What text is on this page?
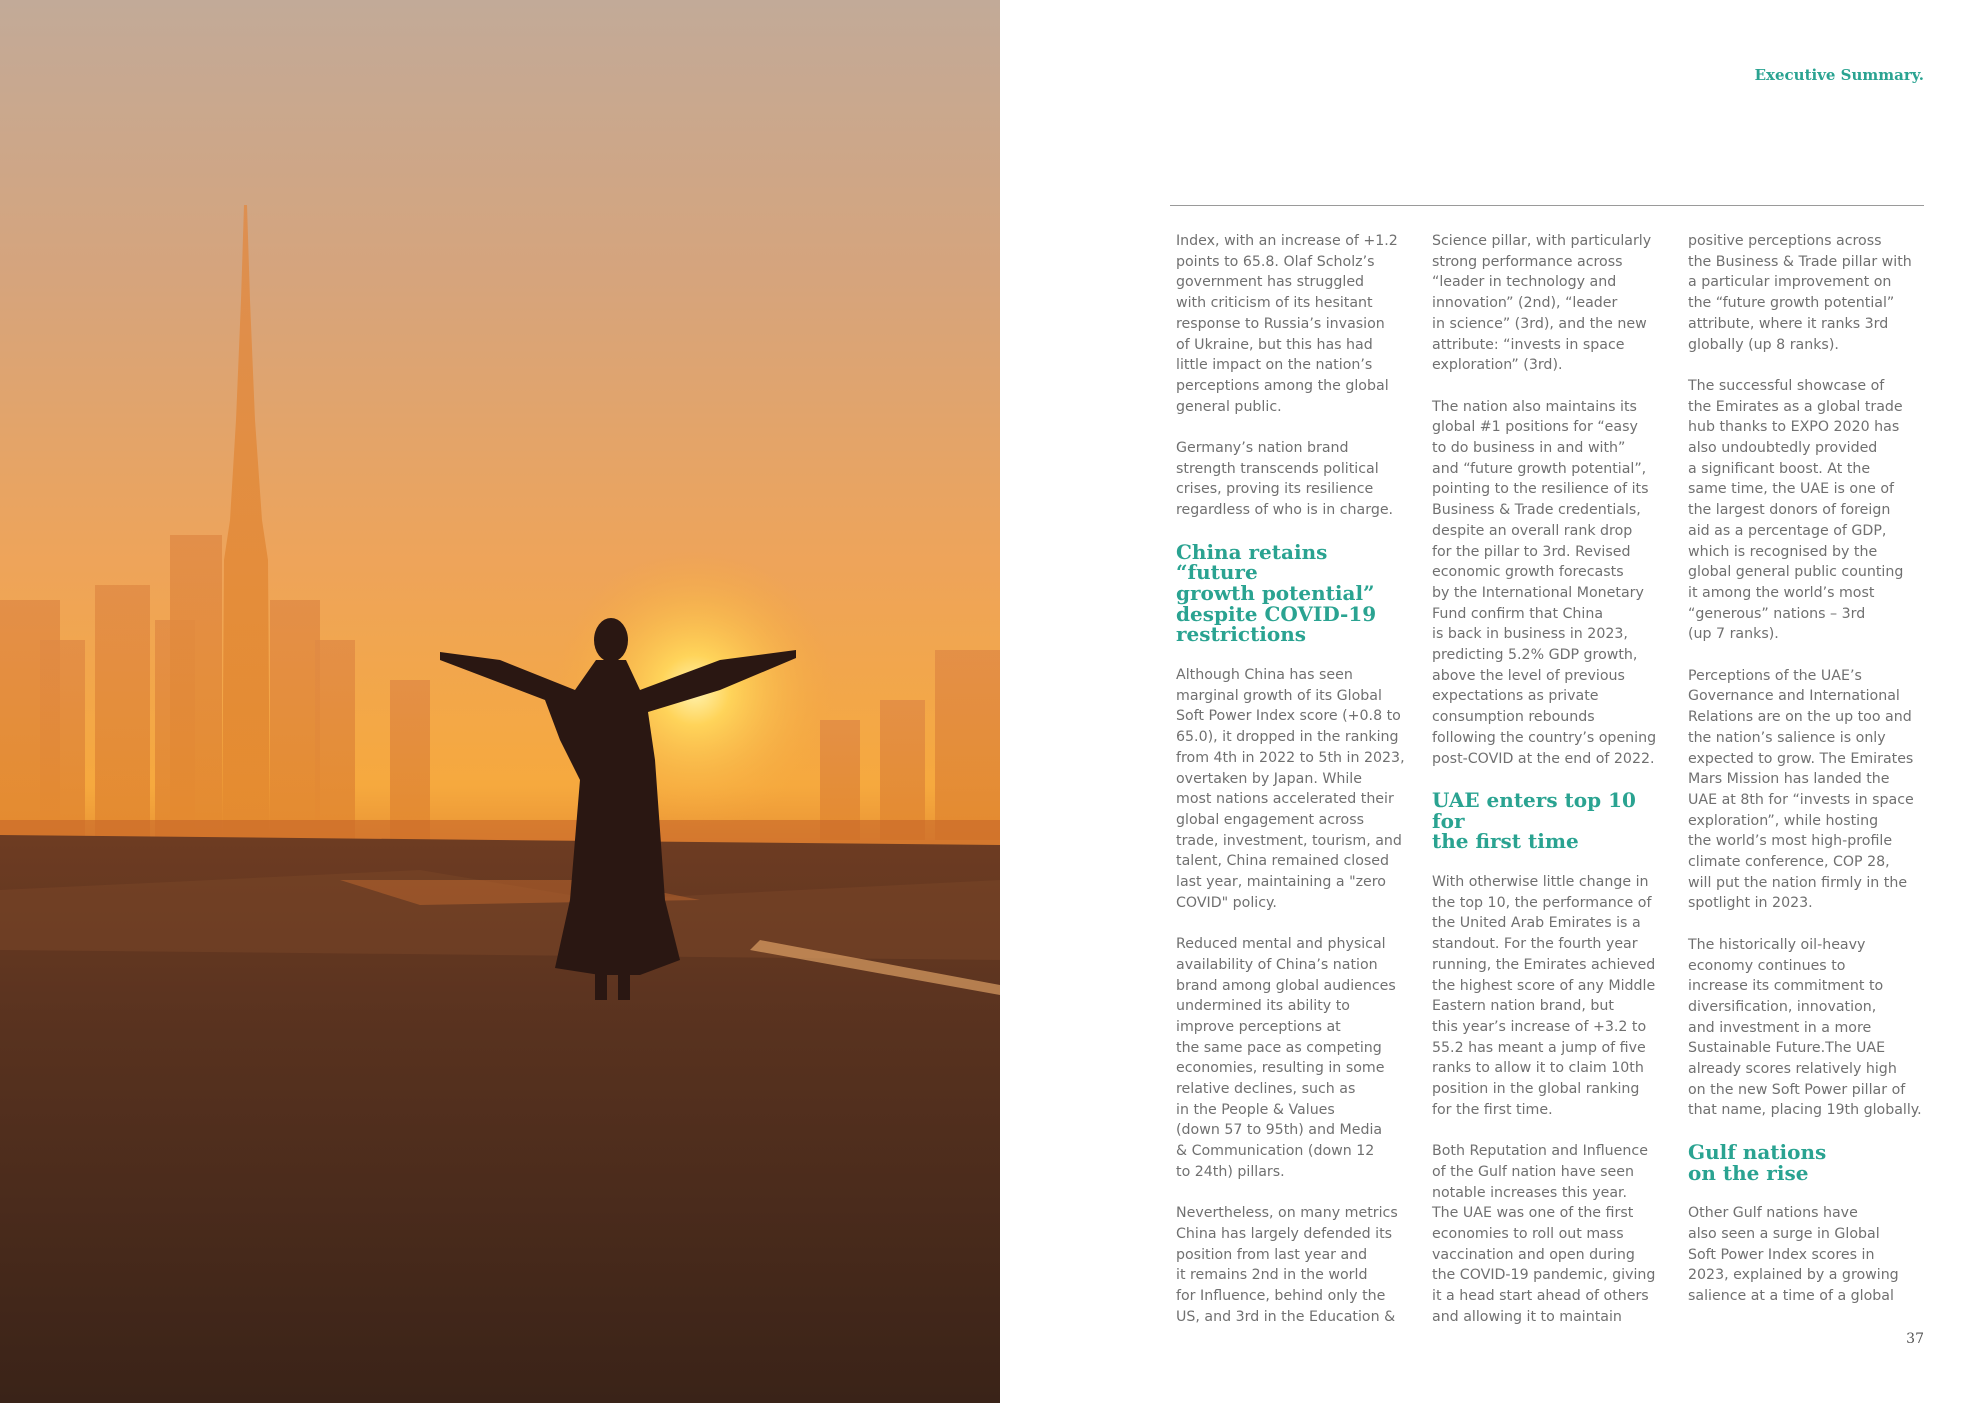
Executive Summary.

Index, with an increase of +1.2
points to 65.8. Olaf Scholz’s
government has struggled
with criticism of its hesitant
response to Russia’s invasion
of Ukraine, but this has had
little impact on the nation’s
perceptions among the global
general public.

Germany’s nation brand
strength transcends political
crises, proving its resilience
regardless of who is in charge.

China retains “future
growth potential”
despite COVID-19
restrictions

Although China has seen
marginal growth of its Global
Soft Power Index score (+0.8 to
65.0), it dropped in the ranking
from 4th in 2022 to 5th in 2023,
overtaken by Japan. While
most nations accelerated their
global engagement across
trade, investment, tourism, and
talent, China remained closed
last year, maintaining a "zero
COVID" policy.

Reduced mental and physical
availability of China’s nation
brand among global audiences
undermined its ability to
improve perceptions at
the same pace as competing
economies, resulting in some
relative declines, such as
in the People & Values
(down 57 to 95th) and Media
& Communication (down 12
to 24th) pillars.

Nevertheless, on many metrics
China has largely defended its
position from last year and
it remains 2nd in the world
for Influence, behind only the
US, and 3rd in the Education &

Science pillar, with particularly
strong performance across
“leader in technology and
innovation” (2nd), “leader
in science” (3rd), and the new
attribute: “invests in space
exploration” (3rd).

The nation also maintains its
global #1 positions for “easy
to do business in and with”
and “future growth potential”,
pointing to the resilience of its
Business & Trade credentials,
despite an overall rank drop
for the pillar to 3rd. Revised
economic growth forecasts
by the International Monetary
Fund confirm that China
is back in business in 2023,
predicting 5.2% GDP growth,
above the level of previous
expectations as private
consumption rebounds
following the country’s opening
post-COVID at the end of 2022.

UAE enters top 10 for
the first time

With otherwise little change in
the top 10, the performance of
the United Arab Emirates is a
standout. For the fourth year
running, the Emirates achieved
the highest score of any Middle
Eastern nation brand, but
this year’s increase of +3.2 to
55.2 has meant a jump of five
ranks to allow it to claim 10th
position in the global ranking
for the first time.

Both Reputation and Influence
of the Gulf nation have seen
notable increases this year.
The UAE was one of the first
economies to roll out mass
vaccination and open during
the COVID-19 pandemic, giving
it a head start ahead of others
and allowing it to maintain

positive perceptions across
the Business & Trade pillar with
a particular improvement on
the “future growth potential”
attribute, where it ranks 3rd
globally (up 8 ranks).

The successful showcase of
the Emirates as a global trade
hub thanks to EXPO 2020 has
also undoubtedly provided
a significant boost. At the
same time, the UAE is one of
the largest donors of foreign
aid as a percentage of GDP,
which is recognised by the
global general public counting
it among the world’s most
“generous” nations – 3rd
(up 7 ranks).

Perceptions of the UAE’s
Governance and International
Relations are on the up too and
the nation’s salience is only
expected to grow. The Emirates
Mars Mission has landed the
UAE at 8th for “invests in space
exploration”, while hosting
the world’s most high-profile
climate conference, COP 28,
will put the nation firmly in the
spotlight in 2023.

The historically oil-heavy
economy continues to
increase its commitment to
diversification, innovation,
and investment in a more
Sustainable Future.The UAE
already scores relatively high
on the new Soft Power pillar of
that name, placing 19th globally.

Gulf nations
on the rise

Other Gulf nations have
also seen a surge in Global
Soft Power Index scores in
2023, explained by a growing
salience at a time of a global

37
